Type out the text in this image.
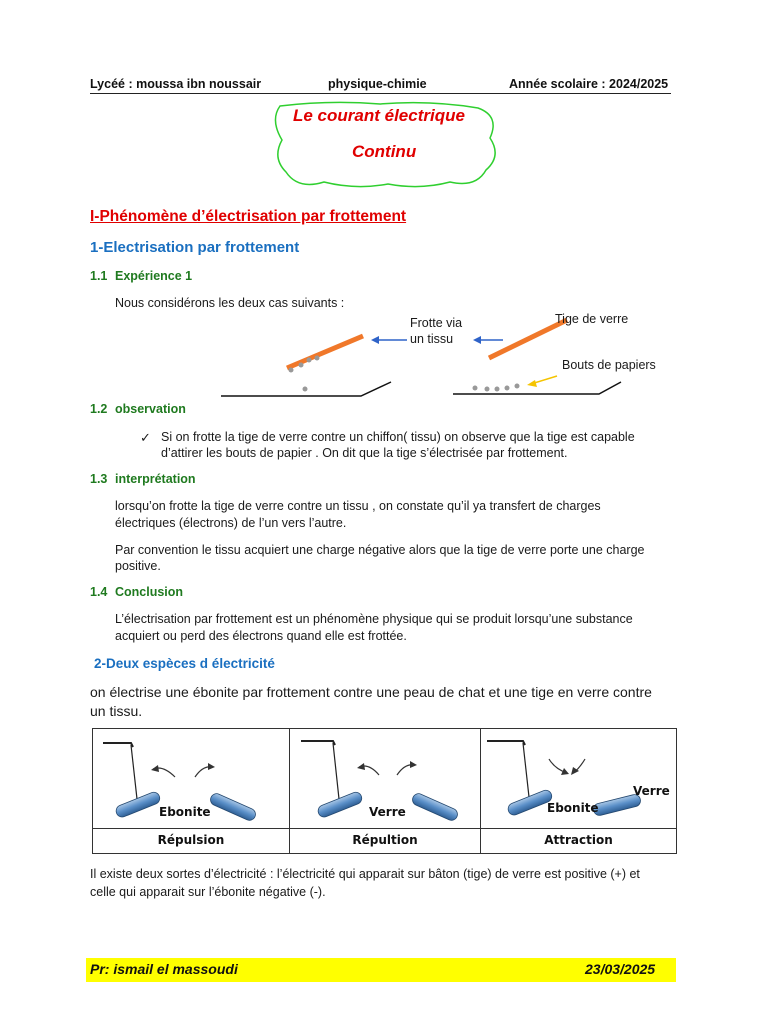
Lycéé : moussa ibn noussair	physique-chimie	Année scolaire : 2024/2025
Le courant électrique
Continu
I-Phénomène d’électrisation par frottement
1-Electrisation par frottement
1.1 Expérience 1
Nous considérons les deux cas suivants :
Frotte via
un tissu
Tige de verre
Bouts de papiers
1.2 observation
✓ Si on frotte la tige de verre contre un chiffon( tissu) on observe que la tige est capable
d’attirer les bouts de papier . On dit que la tige s’électrisée par frottement.
1.3 interprétation
lorsqu’on frotte la tige de verre contre un tissu , on constate qu’il ya transfert de charges
électriques (électrons) de l’un vers l’autre.
Par convention le tissu acquiert une charge négative alors que la tige de verre porte une charge
positive.
1.4 Conclusion
L’électrisation par frottement est un phénomène physique qui se produit lorsqu’une substance
acquiert ou perd des électrons quand elle est frottée.
2-Deux espèces d électricité
on électrise une ébonite par frottement contre une peau de chat et une tige en verre contre
un tissu.
Ebonite	Verre	Ebonite
Verre
Répulsion	Répultion	Attraction
Il existe deux sortes d’électricité : l’électricité qui apparait sur bâton (tige) de verre est positive (+) et
celle qui apparait sur l’ébonite négative (-).
Pr: ismail el massoudi	23/03/2025
